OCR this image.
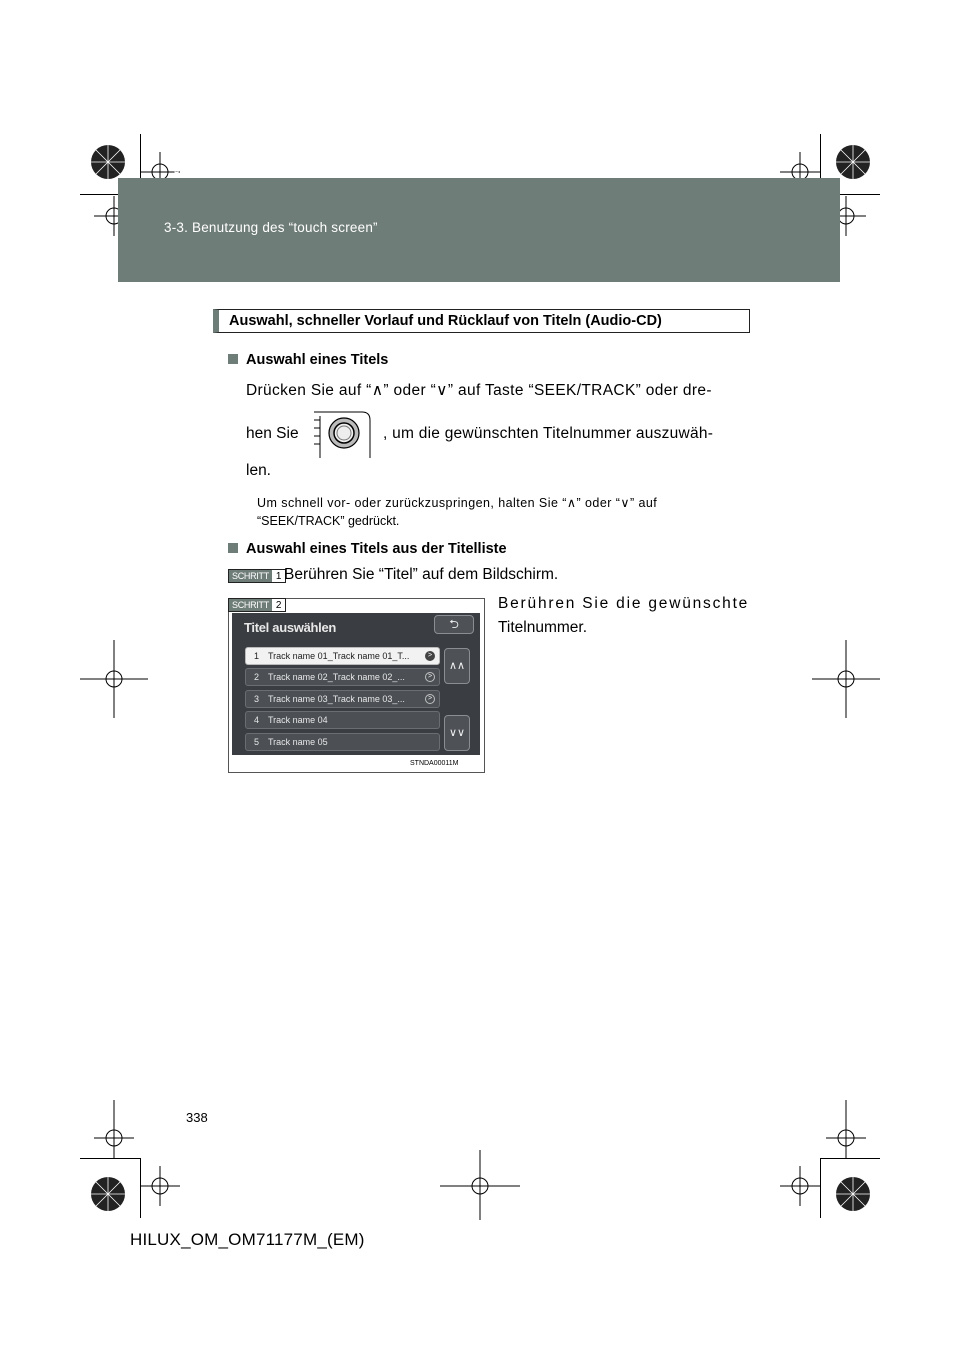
HILUX_OM_OM71177M_(EM).book Page 338 Wednesday, May 16, 2012 1:28 PM
3-3. Benutzung des “touch screen”
Auswahl, schneller Vorlauf und Rücklauf von Titeln (Audio-CD)
Auswahl eines Titels
Drücken Sie auf “∧” oder “∨” auf Taste “SEEK/TRACK” oder dre-
hen Sie	, um die gewünschten Titelnummer auszuwäh-
len.
Um schnell vor- oder zurückzuspringen, halten Sie “∧” oder “∨” auf
“SEEK/TRACK” gedrückt.
Auswahl eines Titels aus der Titelliste
SCHRITT 1 Berühren Sie “Titel” auf dem Bildschirm.
SCHRITT 2
Titel auswählen	⮌
1 Track name 01_Track name 01_T...	>
2 Track name 02_Track name 02_...	>
3 Track name 03_Track name 03_...	>
4 Track name 04
5 Track name 05
∧∧
∨∨
STNDA00011M
Berühren Sie die gewünschte
Titelnummer.
338
HILUX_OM_OM71177M_(EM)
